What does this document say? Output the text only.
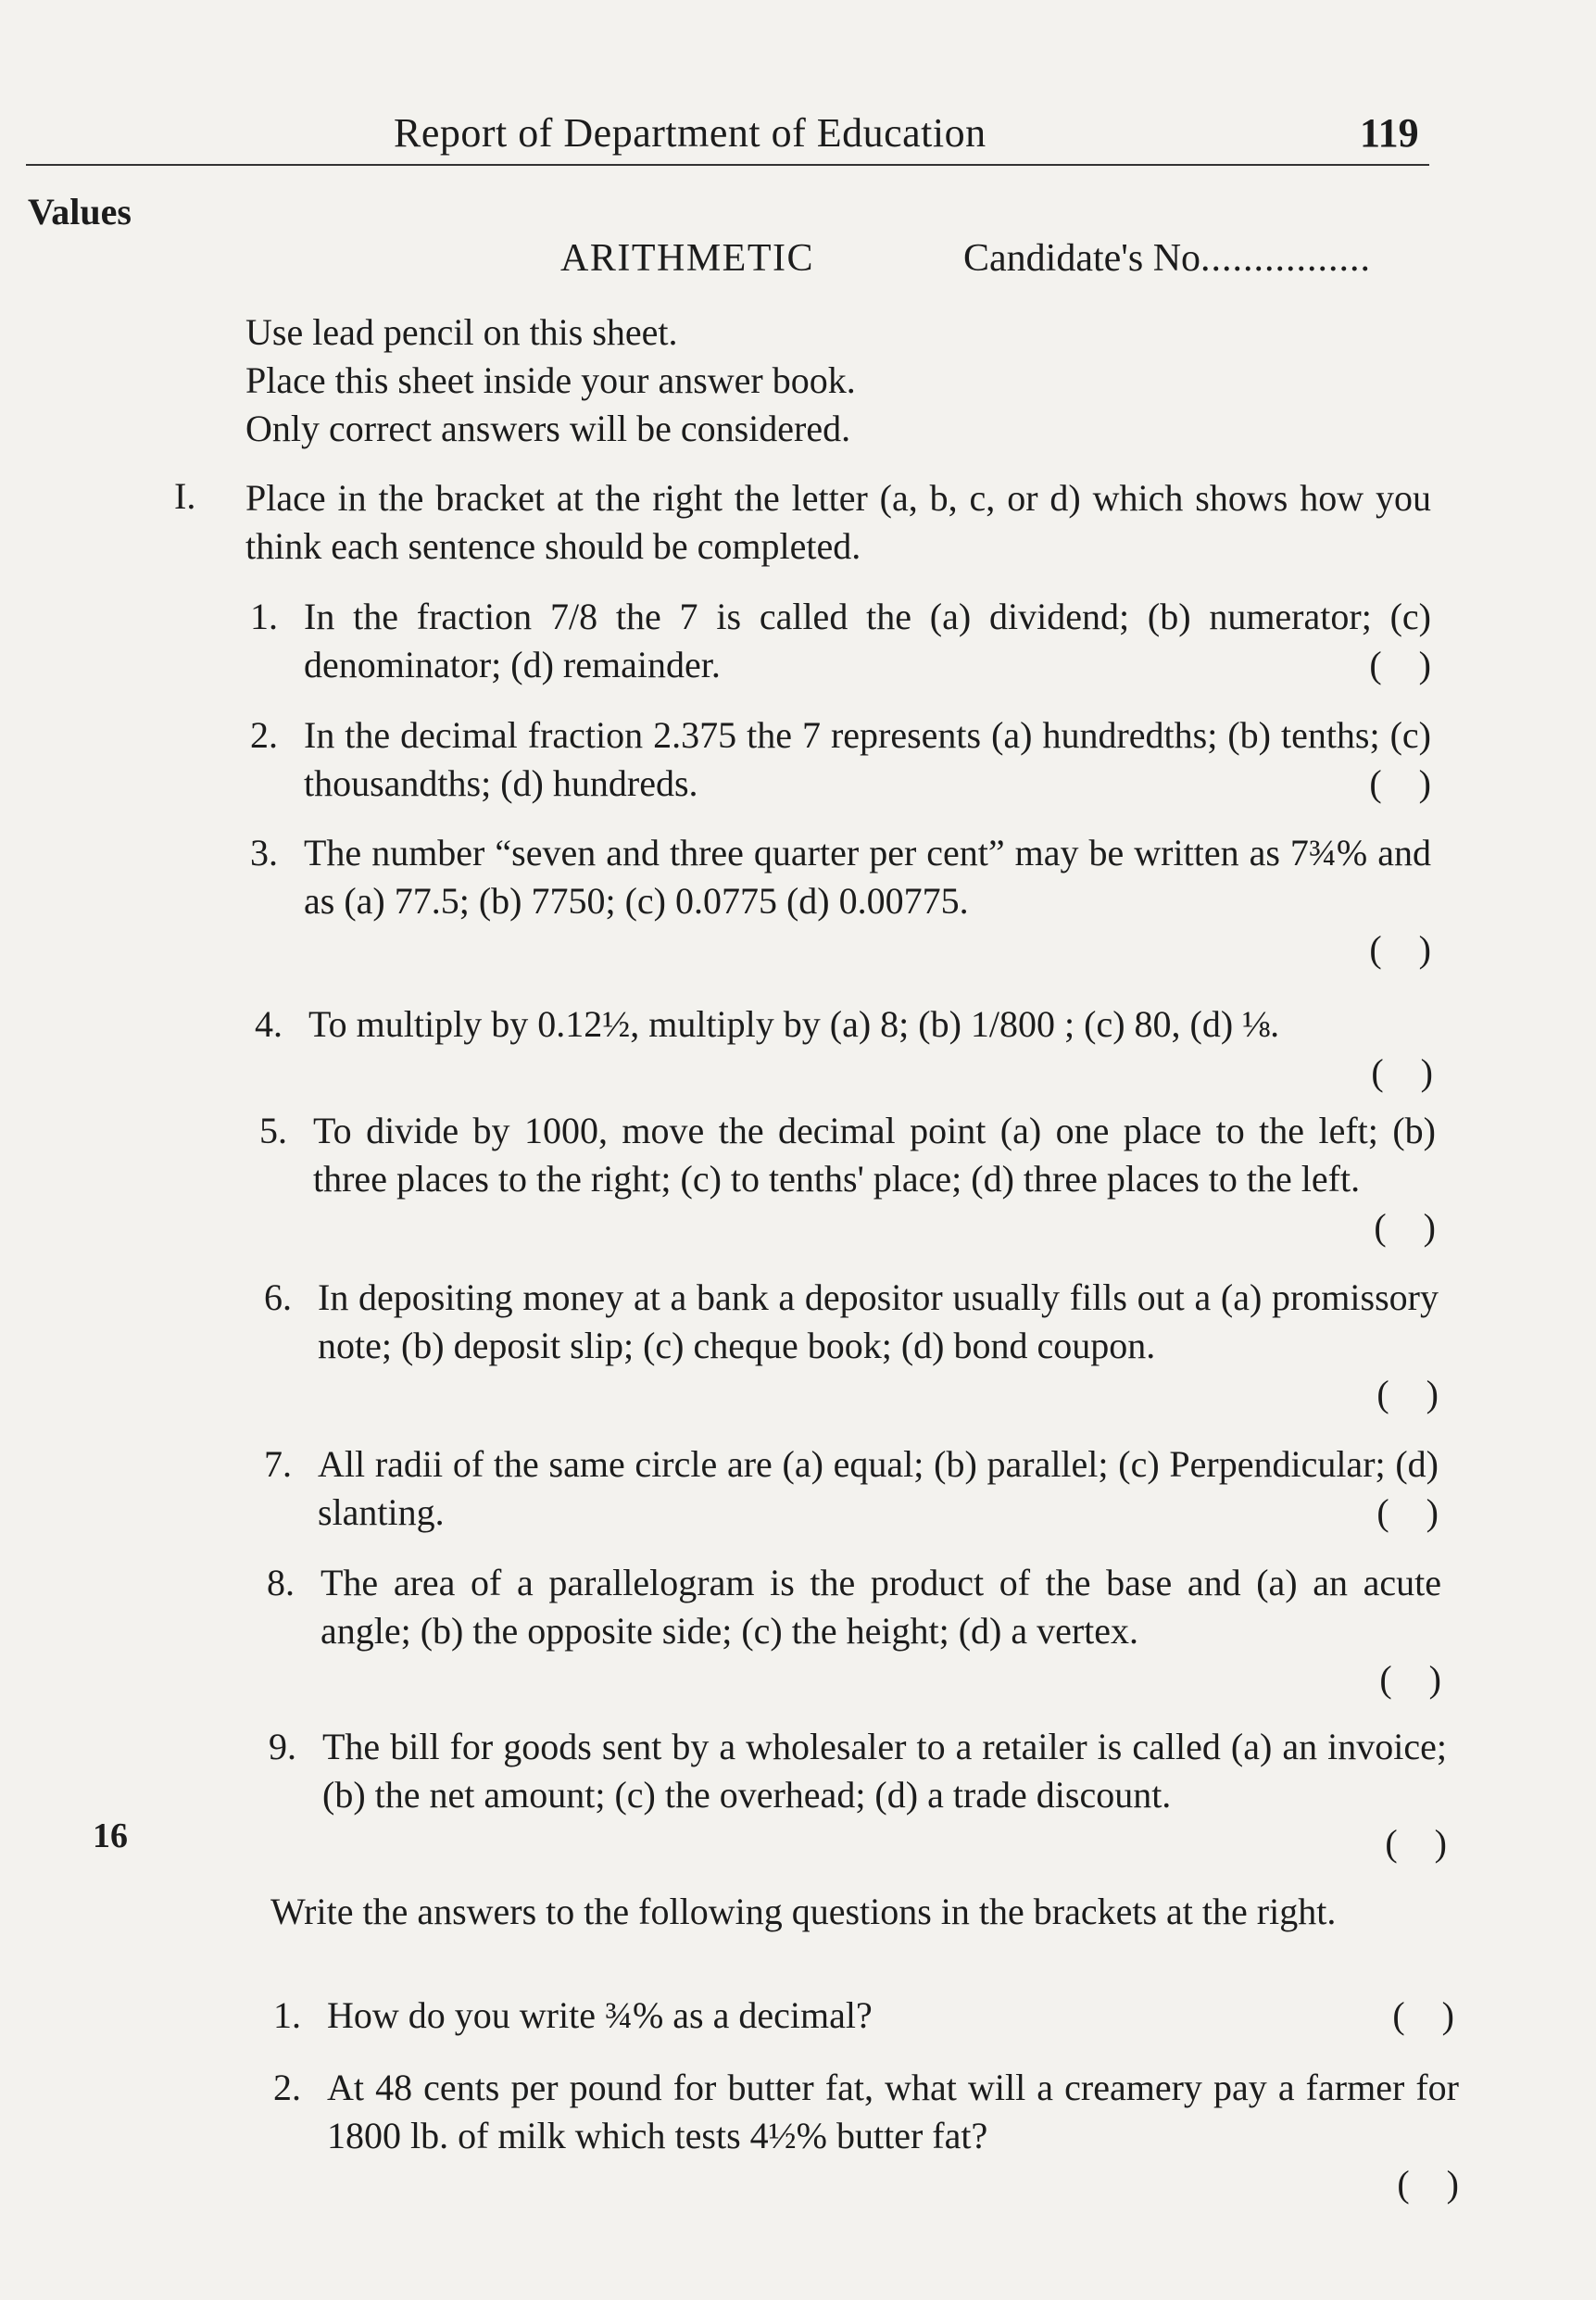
Report of Department of Education	119
Values
16
ARITHMETIC	Candidate's No................
Use lead pencil on this sheet.
Place this sheet inside your answer book.
Only correct answers will be considered.
I. Place in the bracket at the right the letter (a, b, c, or d) which shows how you think each sentence should be completed.
1. In the fraction 7/8 the 7 is called the (a) dividend; (b) numerator; (c) denominator; (d) remainder.	(    )
2. In the decimal fraction 2.375 the 7 represents (a) hundredths; (b) tenths; (c) thousandths; (d) hundreds.	(    )
3. The number “seven and three quarter per cent” may be written as 7¾% and as (a) 77.5; (b) 7750; (c) 0.0775 (d) 0.00775.
(    )
4. To multiply by 0.12½, multiply by (a) 8; (b) 1/800 ; (c) 80, (d) ⅛.
(    )
5. To divide by 1000, move the decimal point (a) one place to the left; (b) three places to the right; (c) to tenths' place; (d) three places to the left.
(    )
6. In depositing money at a bank a depositor usually fills out a (a) promissory note; (b) deposit slip; (c) cheque book; (d) bond coupon.
(    )
7. All radii of the same circle are (a) equal; (b) parallel; (c) Perpendicular; (d) slanting.	(    )
8. The area of a parallelogram is the product of the base and (a) an acute angle; (b) the opposite side; (c) the height; (d) a vertex.
(    )
9. The bill for goods sent by a wholesaler to a retailer is called (a) an invoice; (b) the net amount; (c) the overhead; (d) a trade discount.
(    )
Write the answers to the following questions in the brackets at the right.
1. How do you write ¾% as a decimal?	(    )
2. At 48 cents per pound for butter fat, what will a creamery pay a farmer for 1800 lb. of milk which tests 4½% butter fat?
(    )
